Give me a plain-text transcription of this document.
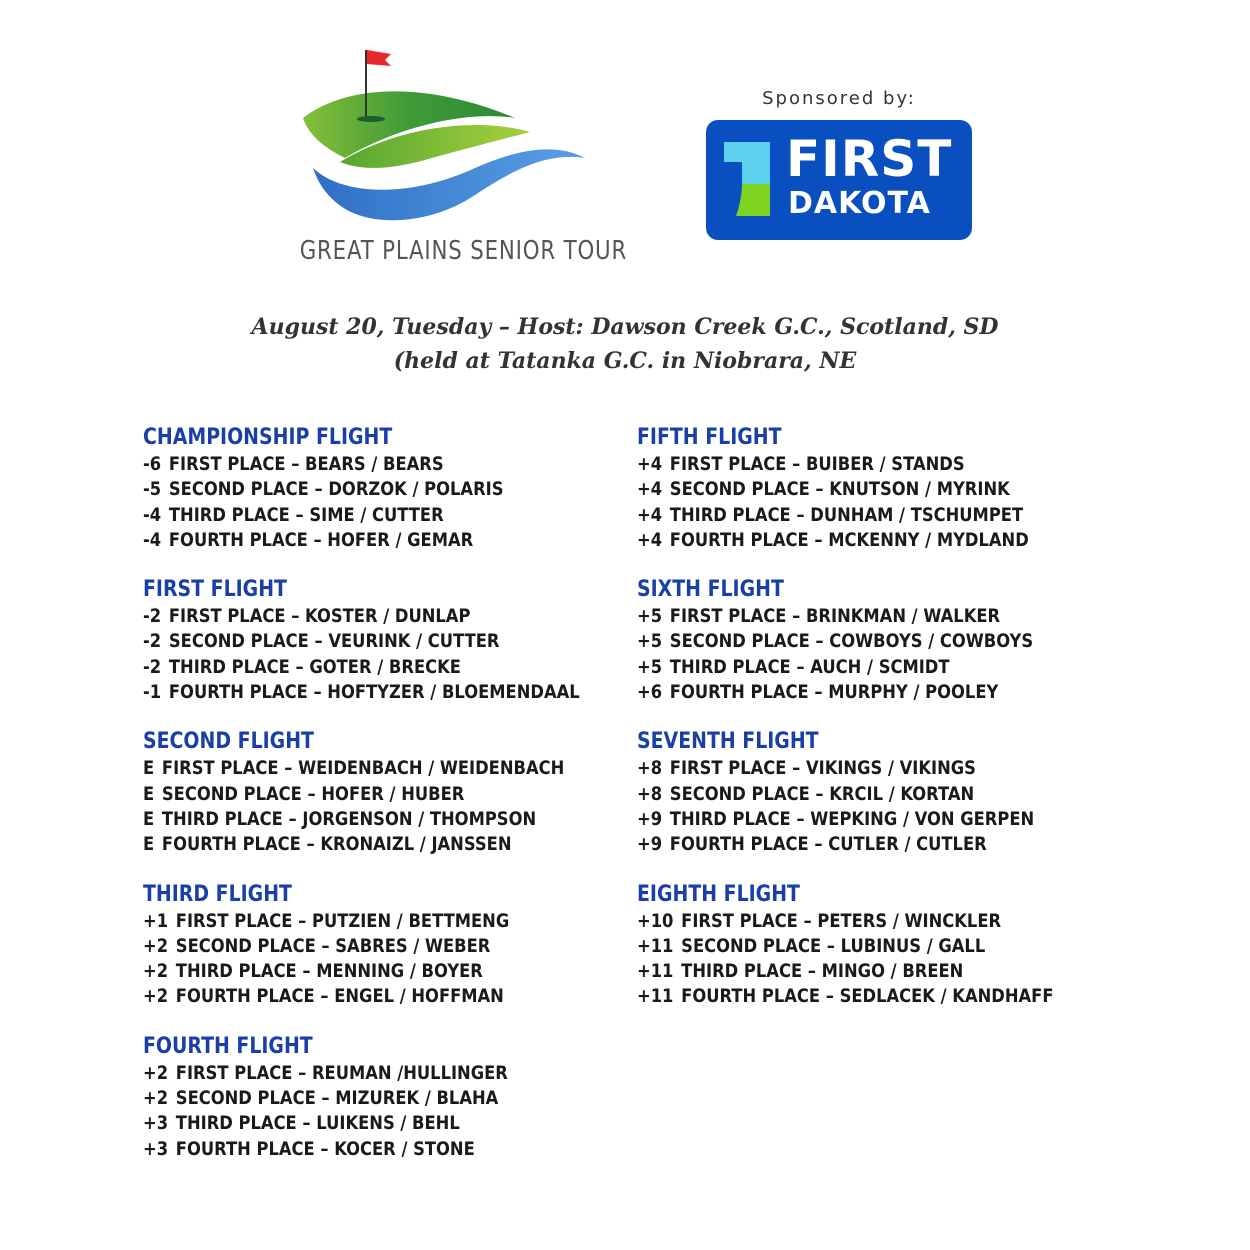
GREAT PLAINS SENIOR TOUR
Sponsored by:
FIRST
DAKOTA
August 20, Tuesday – Host: Dawson Creek G.C., Scotland, SD
(held at Tatanka G.C. in Niobrara, NE
CHAMPIONSHIP FLIGHT
-6 FIRST PLACE – BEARS / BEARS
-5 SECOND PLACE – DORZOK / POLARIS
-4 THIRD PLACE – SIME / CUTTER
-4 FOURTH PLACE – HOFER / GEMAR
FIRST FLIGHT
-2 FIRST PLACE – KOSTER / DUNLAP
-2 SECOND PLACE – VEURINK / CUTTER
-2 THIRD PLACE – GOTER / BRECKE
-1 FOURTH PLACE – HOFTYZER / BLOEMENDAAL
SECOND FLIGHT
E FIRST PLACE – WEIDENBACH / WEIDENBACH
E SECOND PLACE – HOFER / HUBER
E THIRD PLACE – JORGENSON / THOMPSON
E FOURTH PLACE – KRONAIZL / JANSSEN
THIRD FLIGHT
+1 FIRST PLACE – PUTZIEN / BETTMENG
+2 SECOND PLACE – SABRES / WEBER
+2 THIRD PLACE – MENNING / BOYER
+2 FOURTH PLACE – ENGEL / HOFFMAN
FOURTH FLIGHT
+2 FIRST PLACE – REUMAN /HULLINGER
+2 SECOND PLACE – MIZUREK / BLAHA
+3 THIRD PLACE – LUIKENS / BEHL
+3 FOURTH PLACE – KOCER / STONE
FIFTH FLIGHT
+4 FIRST PLACE – BUIBER / STANDS
+4 SECOND PLACE – KNUTSON / MYRINK
+4 THIRD PLACE – DUNHAM / TSCHUMPET
+4 FOURTH PLACE – MCKENNY / MYDLAND
SIXTH FLIGHT
+5 FIRST PLACE – BRINKMAN / WALKER
+5 SECOND PLACE – COWBOYS / COWBOYS
+5 THIRD PLACE – AUCH / SCMIDT
+6 FOURTH PLACE – MURPHY / POOLEY
SEVENTH FLIGHT
+8 FIRST PLACE – VIKINGS / VIKINGS
+8 SECOND PLACE – KRCIL / KORTAN
+9 THIRD PLACE – WEPKING / VON GERPEN
+9 FOURTH PLACE – CUTLER / CUTLER
EIGHTH FLIGHT
+10 FIRST PLACE – PETERS / WINCKLER
+11 SECOND PLACE – LUBINUS / GALL
+11 THIRD PLACE – MINGO / BREEN
+11 FOURTH PLACE – SEDLACEK / KANDHAFF
